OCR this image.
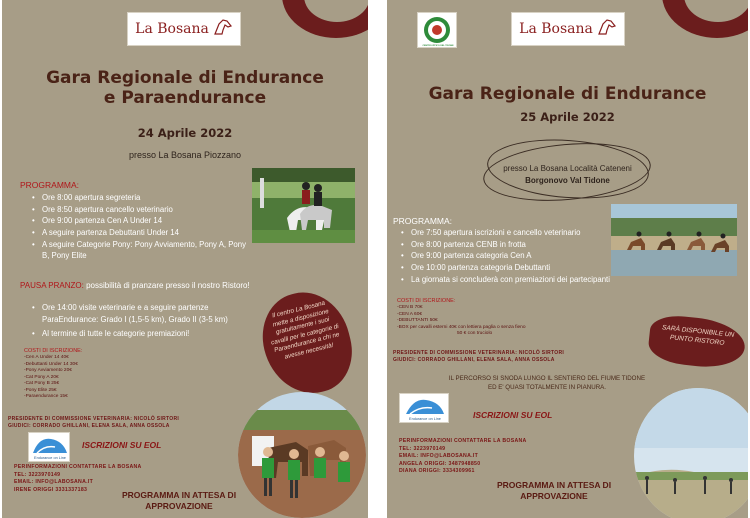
La Bosana
Gara Regionale di Endurance
e Paraendurance
24 Aprile 2022
presso La Bosana Piozzano
PROGRAMMA:
• Ore 8:00 apertura segreteria
• Ore 8:50 apertura cancello veterinario
• Ore 9:00 partenza Cen A Under 14
• A seguire partenza Debuttanti Under 14
• A seguire Categorie Pony: Pony Avviamento, Pony A, Pony B, Pony Elite
PAUSA PRANZO: possibilità di pranzare presso il nostro Ristoro!
• Ore 14:00 visite veterinarie e a seguire partenze ParaEndurance: Grado I (1,5-5 km), Grado II (3-5 km)
• Al termine di tutte le categorie premiazioni!
COSTI DI ISCRIZIONE:
-Cen A Under 14 40€
-Debuttanti Under 14 30€
-Pony Avviamento 20€
-Cat Pony A 20€
-Cat Pony B 25€
-Pony Elite 25€
-Paraendurance 15€
Il centro La Bosana mette a disposizione gratuitamente i suoi cavalli per le categorie di Paraendurance a chi ne avesse necessità!
PRESIDENTE DI COMMISSIONE VETERINARIA: NICOLÒ SIRTORI
GIUDICI: CORRADO GHILLANI, ELENA SALA, ANNA OSSOLA
Endurance on Line
ISCRIZIONI SU EOL
PERINFORMAZIONI CONTATTARE LA BOSANA
TEL: 3223970149
EMAIL: INFO@LABOSANA.IT
IRENE ORIGGI 3331337183
PROGRAMMA IN ATTESA DI
APPROVAZIONE
CENTRO IPPICO DEL TIDONE
La Bosana
Gara Regionale di Endurance
25 Aprile 2022
presso La Bosana Località Cateneni
Borgonovo Val Tidone
PROGRAMMA:
• Ore 7:50 apertura iscrizioni e cancello veterinario
• Ore 8:00 partenza CENB in frotta
• Ore 9:00 partenza categoria Cen A
• Ore 10:00 partenza categoria Debuttanti
• La giornata si concluderà con premiazioni dei partecipanti
COSTI DI ISCRIZIONE:
-CEN B 70€
-CEN A 60€
-DEBUTTANTI 50€
-BOX per cavalli esterni 40€ con lettiera paglia o senza fieno
50 € con truciolo	SARÀ DISPONIBILE UN PUNTO RISTORO
PRESIDENTE DI COMMISSIONE VETERINARIA: NICOLÒ SIRTORI
GIUDICI: CORRADO GHILLANI, ELENA SALA, ANNA OSSOLA
IL PERCORSO SI SNODA LUNGO IL SENTIERO DEL FIUME TIDONE
ED E' QUASI TOTALMENTE IN PIANURA.
Endurance on Line	ISCRIZIONI SU EOL
PERINFORMAZIONI CONTATTARE LA BOSANA
TEL: 3223970149
EMAIL: INFO@LABOSANA.IT
ANGELA ORIGGI: 3487948850
DIANA ORIGGI: 3334309961
PROGRAMMA IN ATTESA DI
APPROVAZIONE
